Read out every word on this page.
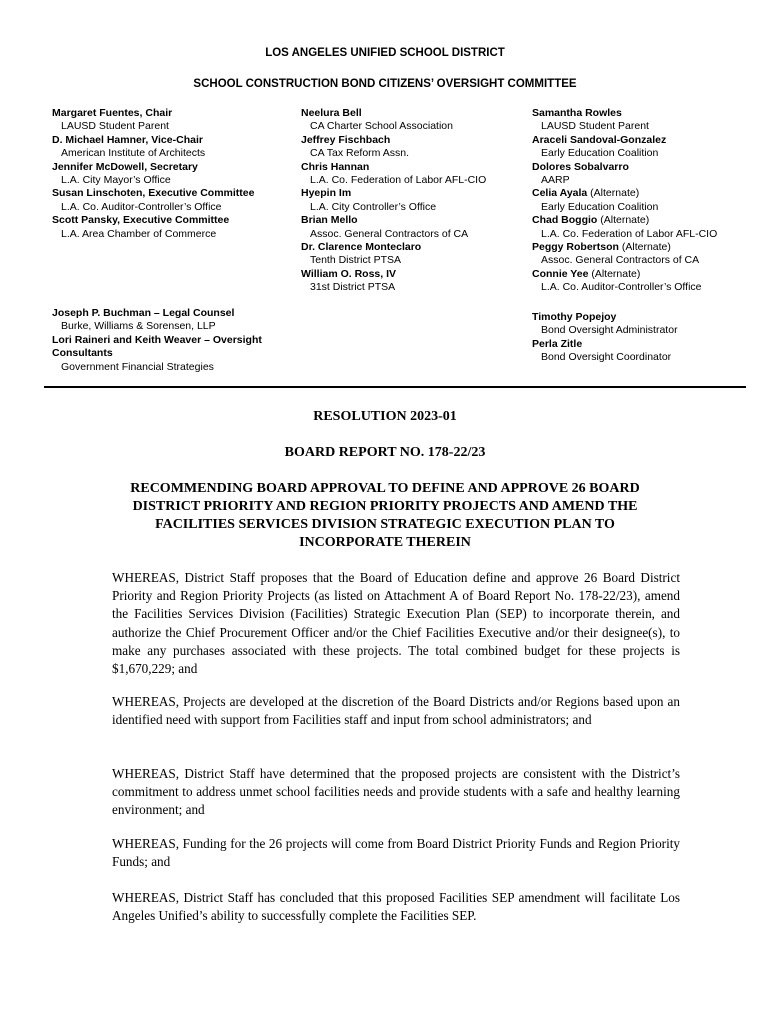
LOS ANGELES UNIFIED SCHOOL DISTRICT
SCHOOL CONSTRUCTION BOND CITIZENS’ OVERSIGHT COMMITTEE
Margaret Fuentes, Chair
LAUSD Student Parent
D. Michael Hamner, Vice-Chair
American Institute of Architects
Jennifer McDowell, Secretary
L.A. City Mayor’s Office
Susan Linschoten, Executive Committee
L.A. Co. Auditor-Controller’s Office
Scott Pansky, Executive Committee
L.A. Area Chamber of Commerce
Neelura Bell
CA Charter School Association
Jeffrey Fischbach
CA Tax Reform Assn.
Chris Hannan
L.A. Co. Federation of Labor AFL-CIO
Hyepin Im
L.A. City Controller’s Office
Brian Mello
Assoc. General Contractors of CA
Dr. Clarence Monteclaro
Tenth District PTSA
William O. Ross, IV
31st District PTSA
Samantha Rowles
LAUSD Student Parent
Araceli Sandoval-Gonzalez
Early Education Coalition
Dolores Sobalvarro
AARP
Celia Ayala (Alternate)
Early Education Coalition
Chad Boggio (Alternate)
L.A. Co. Federation of Labor AFL-CIO
Peggy Robertson (Alternate)
Assoc. General Contractors of CA
Connie Yee (Alternate)
L.A. Co. Auditor-Controller’s Office
Joseph P. Buchman – Legal Counsel
Burke, Williams & Sorensen, LLP
Lori Raineri and Keith Weaver – Oversight Consultants
Government Financial Strategies
Timothy Popejoy
Bond Oversight Administrator
Perla Zitle
Bond Oversight Coordinator
RESOLUTION 2023-01
BOARD REPORT NO. 178-22/23
RECOMMENDING BOARD APPROVAL TO DEFINE AND APPROVE 26 BOARD DISTRICT PRIORITY AND REGION PRIORITY PROJECTS AND AMEND THE FACILITIES SERVICES DIVISION STRATEGIC EXECUTION PLAN TO INCORPORATE THEREIN

WHEREAS, District Staff proposes that the Board of Education define and approve 26 Board District Priority and Region Priority Projects (as listed on Attachment A of Board Report No. 178-22/23), amend the Facilities Services Division (Facilities) Strategic Execution Plan (SEP) to incorporate therein, and authorize the Chief Procurement Officer and/or the Chief Facilities Executive and/or their designee(s), to make any purchases associated with these projects. The total combined budget for these projects is $1,670,229; and

WHEREAS, Projects are developed at the discretion of the Board Districts and/or Regions based upon an identified need with support from Facilities staff and input from school administrators; and

WHEREAS, District Staff have determined that the proposed projects are consistent with the District’s commitment to address unmet school facilities needs and provide students with a safe and healthy learning environment; and

WHEREAS, Funding for the 26 projects will come from Board District Priority Funds and Region Priority Funds; and

WHEREAS, District Staff has concluded that this proposed Facilities SEP amendment will facilitate Los Angeles Unified’s ability to successfully complete the Facilities SEP.
